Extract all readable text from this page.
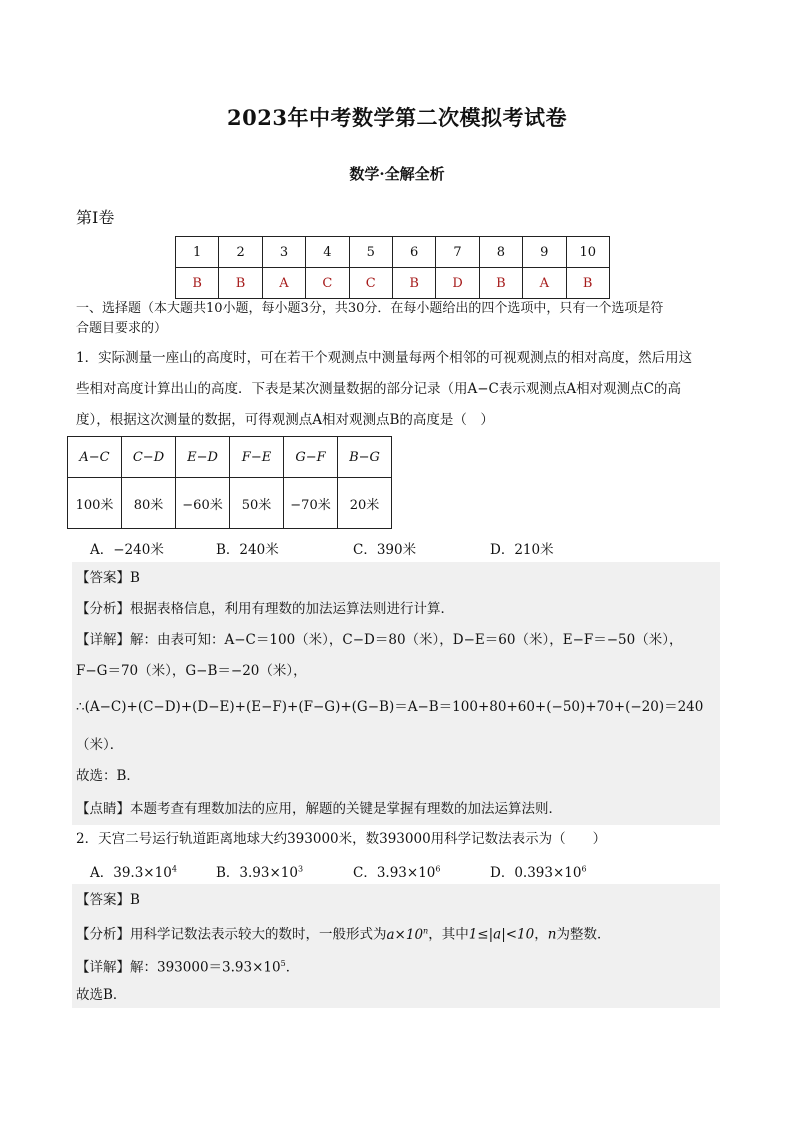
2023年中考数学第二次模拟考试卷
数学·全解全析
第Ⅰ卷
1	2	3	4	5	6	7	8	9	10
B	B	A	C	C	B	D	B	A	B
一、选择题（本大题共10小题，每小题3分，共30分．在每小题给出的四个选项中，只有一个选项是符
合题目要求的）
1．实际测量一座山的高度时，可在若干个观测点中测量每两个相邻的可视观测点的相对高度，然后用这
些相对高度计算出山的高度．下表是某次测量数据的部分记录（用A−C表示观测点A相对观测点C的高
度），根据这次测量的数据，可得观测点A相对观测点B的高度是（　）
A−C	C−D	E−D	F−E	G−F	B−G
100米	80米	−60米	50米	−70米	20米
A．−240米	B．240米	C．390米	D．210米
【答案】B
【分析】根据表格信息，利用有理数的加法运算法则进行计算．
【详解】解：由表可知：A−C＝100（米），C−D＝80（米），D−E＝60（米），E−F＝−50（米），
F−G＝70（米），G−B＝−20（米），
∴(A−C)+(C−D)+(D−E)+(E−F)+(F−G)+(G−B)＝A−B＝100+80+60+(−50)+70+(−20)＝240
（米）．
故选：B．
【点睛】本题考查有理数加法的应用，解题的关键是掌握有理数的加法运算法则．
2．天宫二号运行轨道距离地球大约393000米，数393000用科学记数法表示为（　　）
A．$39.3\times 10^4$	B．$3.93\times 10^3$	C．$3.93\times 10^6$	D．$0.393\times 10^6$
【答案】B
【分析】用科学记数法表示较大的数时，一般形式为$a\times 10^n$，其中1≤|a|<10，n为整数．
【详解】解：$393000=3.93\times 10^5$．
故选B．
